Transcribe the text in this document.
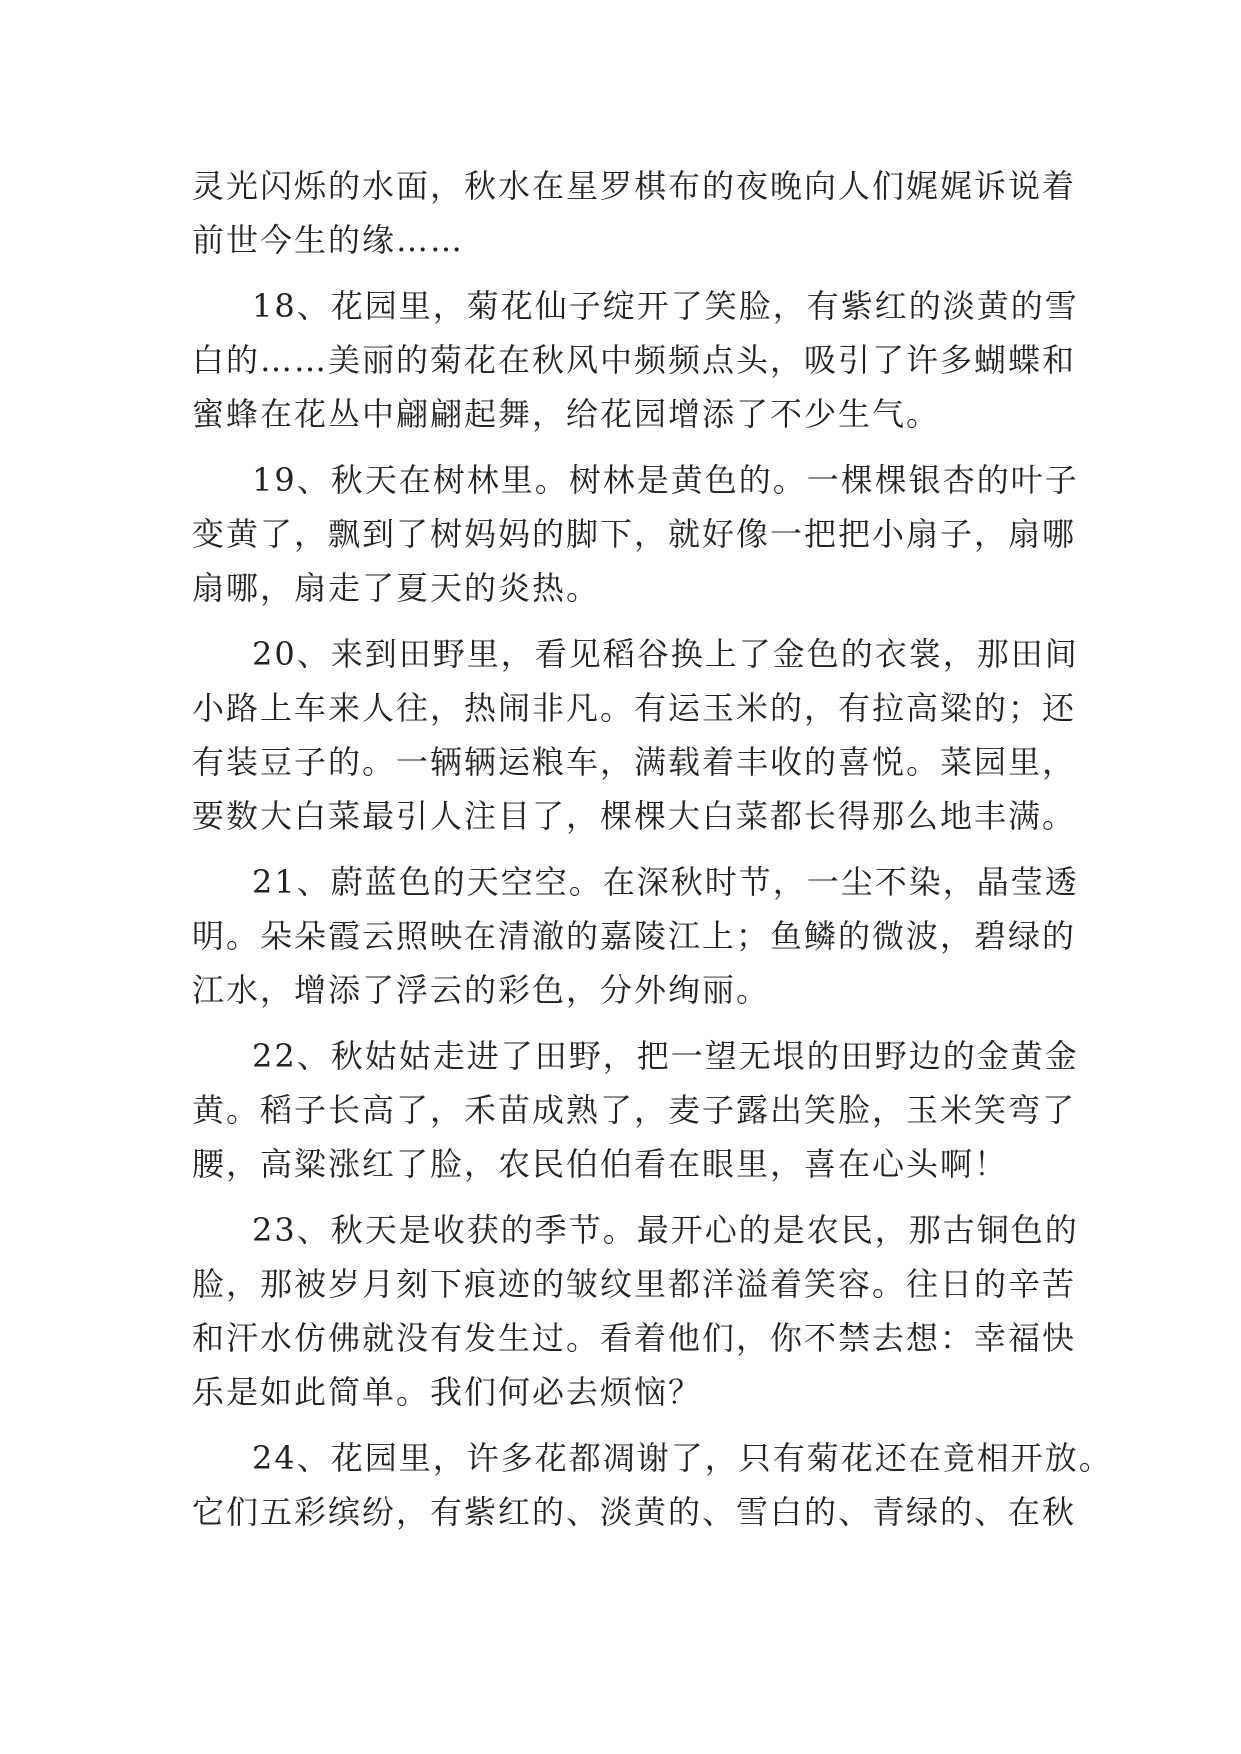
灵光闪烁的水面，秋水在星罗棋布的夜晚向人们娓娓诉说着
前世今生的缘……
18、花园里，菊花仙子绽开了笑脸，有紫红的淡黄的雪
白的……美丽的菊花在秋风中频频点头，吸引了许多蝴蝶和
蜜蜂在花丛中翩翩起舞，给花园增添了不少生气。
19、秋天在树林里。树林是黄色的。一棵棵银杏的叶子
变黄了，飘到了树妈妈的脚下，就好像一把把小扇子，扇哪
扇哪，扇走了夏天的炎热。
20、来到田野里，看见稻谷换上了金色的衣裳，那田间
小路上车来人往，热闹非凡。有运玉米的，有拉高粱的；还
有装豆子的。一辆辆运粮车，满载着丰收的喜悦。菜园里，
要数大白菜最引人注目了，棵棵大白菜都长得那么地丰满。
21、蔚蓝色的天空空。在深秋时节，一尘不染，晶莹透
明。朵朵霞云照映在清澈的嘉陵江上；鱼鳞的微波，碧绿的
江水，增添了浮云的彩色，分外绚丽。
22、秋姑姑走进了田野，把一望无垠的田野边的金黄金
黄。稻子长高了，禾苗成熟了，麦子露出笑脸，玉米笑弯了
腰，高粱涨红了脸，农民伯伯看在眼里，喜在心头啊！
23、秋天是收获的季节。最开心的是农民，那古铜色的
脸，那被岁月刻下痕迹的皱纹里都洋溢着笑容。往日的辛苦
和汗水仿佛就没有发生过。看着他们，你不禁去想：幸福快
乐是如此简单。我们何必去烦恼？
24、花园里，许多花都凋谢了，只有菊花还在竟相开放。
它们五彩缤纷，有紫红的、淡黄的、雪白的、青绿的、在秋
